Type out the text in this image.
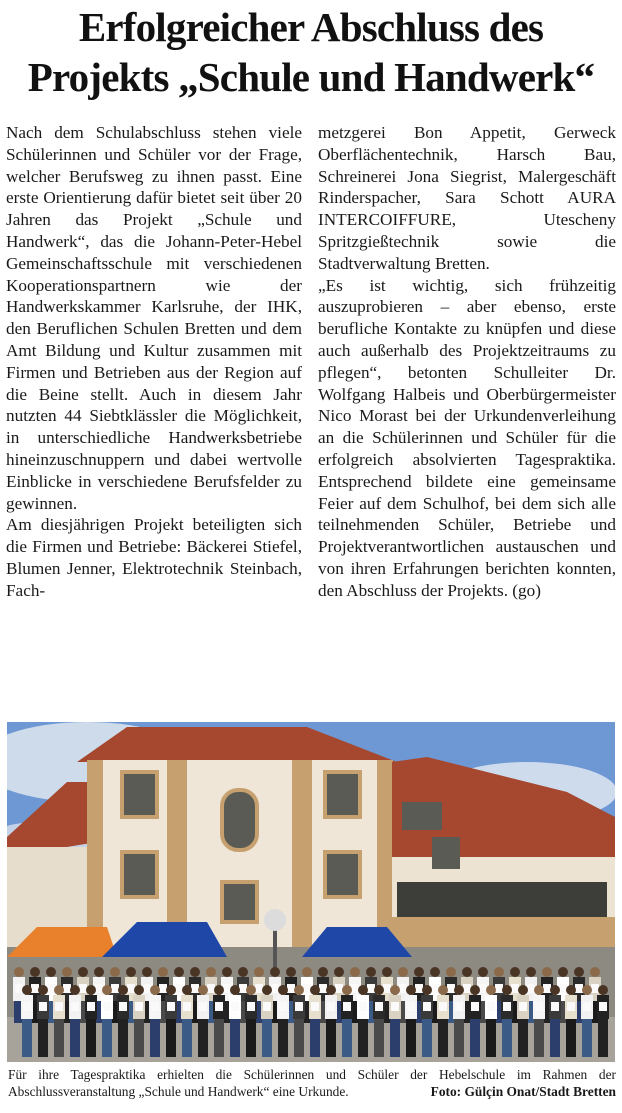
Erfolgreicher Abschluss des
Projekts „Schule und Handwerk“

Nach dem Schulabschluss stehen viele Schülerinnen und Schüler vor der Frage, welcher Berufsweg zu ihnen passt. Eine erste Orientierung dafür bietet seit über 20 Jahren das Projekt „Schule und Handwerk“, das die Johann-Peter-Hebel Gemeinschaftsschule mit verschiedenen Kooperationspartnern wie der Handwerkskammer Karlsruhe, der IHK, den Beruflichen Schulen Bretten und dem Amt Bildung und Kultur zusammen mit Firmen und Betrieben aus der Region auf die Beine stellt. Auch in diesem Jahr nutzten 44 Siebtklässler die Möglichkeit, in unterschiedliche Handwerksbetriebe hineinzuschnuppern und dabei wertvolle Einblicke in verschiedene Berufsfelder zu gewinnen.

Am diesjährigen Projekt beteiligten sich die Firmen und Betriebe: Bäckerei Stiefel, Blumen Jenner, Elektrotechnik Steinbach, Fach-

metzgerei Bon Appetit, Gerweck Oberflächentechnik, Harsch Bau, Schreinerei Jona Siegrist, Malergeschäft Rinderspacher, Sara Schott AURA INTERCOIFFURE, Utescheny Spritzgießtechnik sowie die Stadtverwaltung Bretten.

„Es ist wichtig, sich frühzeitig auszuprobieren – aber ebenso, erste berufliche Kontakte zu knüpfen und diese auch außerhalb des Projektzeitraums zu pflegen“, betonten Schulleiter Dr. Wolfgang Halbeis und Oberbürgermeister Nico Morast bei der Urkundenverleihung an die Schülerinnen und Schüler für die erfolgreich absolvierten Tagespraktika. Entsprechend bildete eine gemeinsame Feier auf dem Schulhof, bei dem sich alle teilnehmenden Schüler, Betriebe und Projektverantwortlichen austauschen und von ihren Erfahrungen berichten konnten, den Abschluss der Projekts. (go)

Für ihre Tagespraktika erhielten die Schülerinnen und Schüler der Hebelschule im Rahmen der Abschlussveranstaltung „Schule und Handwerk“ eine Urkunde.	Foto: Gülçin Onat/Stadt Bretten
